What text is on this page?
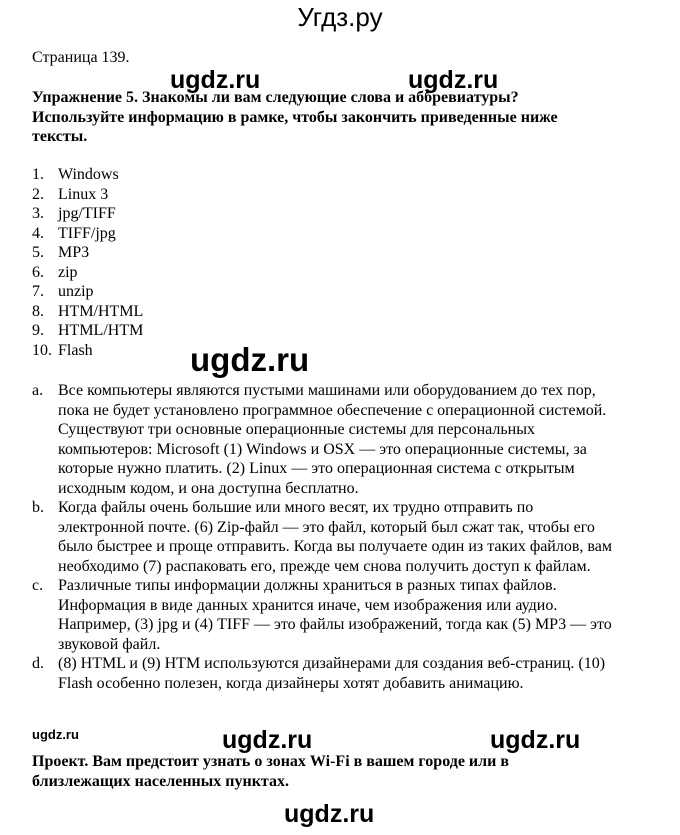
Угдз.ру
Страница 139.
ugdz.ru	ugdz.ru

Упражнение 5. Знакомы ли вам следующие слова и аббревиатуры? Используйте информацию в рамке, чтобы закончить приведенные ниже тексты.

1. Windows
2. Linux 3
3. jpg/TIFF
4. TIFF/jpg
5. MP3
6. zip
7. unzip
8. HTM/HTML
9. HTML/HTM
10. Flash	ugdz.ru
a. Все компьютеры являются пустыми машинами или оборудованием до тех пор, пока не будет установлено программное обеспечение с операционной системой. Существуют три основные операционные системы для персональных компьютеров: Microsoft (1) Windows и OSX — это операционные системы, за которые нужно платить. (2) Linux — это операционная система с открытым исходным кодом, и она доступна бесплатно.
b. Когда файлы очень большие или много весят, их трудно отправить по электронной почте. (6) Zip-файл — это файл, который был сжат так, чтобы его было быстрее и проще отправить. Когда вы получаете один из таких файлов, вам необходимо (7) распаковать его, прежде чем снова получить доступ к файлам.
c. Различные типы информации должны храниться в разных типах файлов. Информация в виде данных хранится иначе, чем изображения или аудио. Например, (3) jpg и (4) TIFF — это файлы изображений, тогда как (5) MP3 — это звуковой файл.
d. (8) HTML и (9) HTM используются дизайнерами для создания веб-страниц. (10) Flash особенно полезен, когда дизайнеры хотят добавить анимацию.
ugdz.ru	ugdz.ru	ugdz.ru

Проект. Вам предстоит узнать о зонах Wi-Fi в вашем городе или в близлежащих населенных пунктах.

ugdz.ru
